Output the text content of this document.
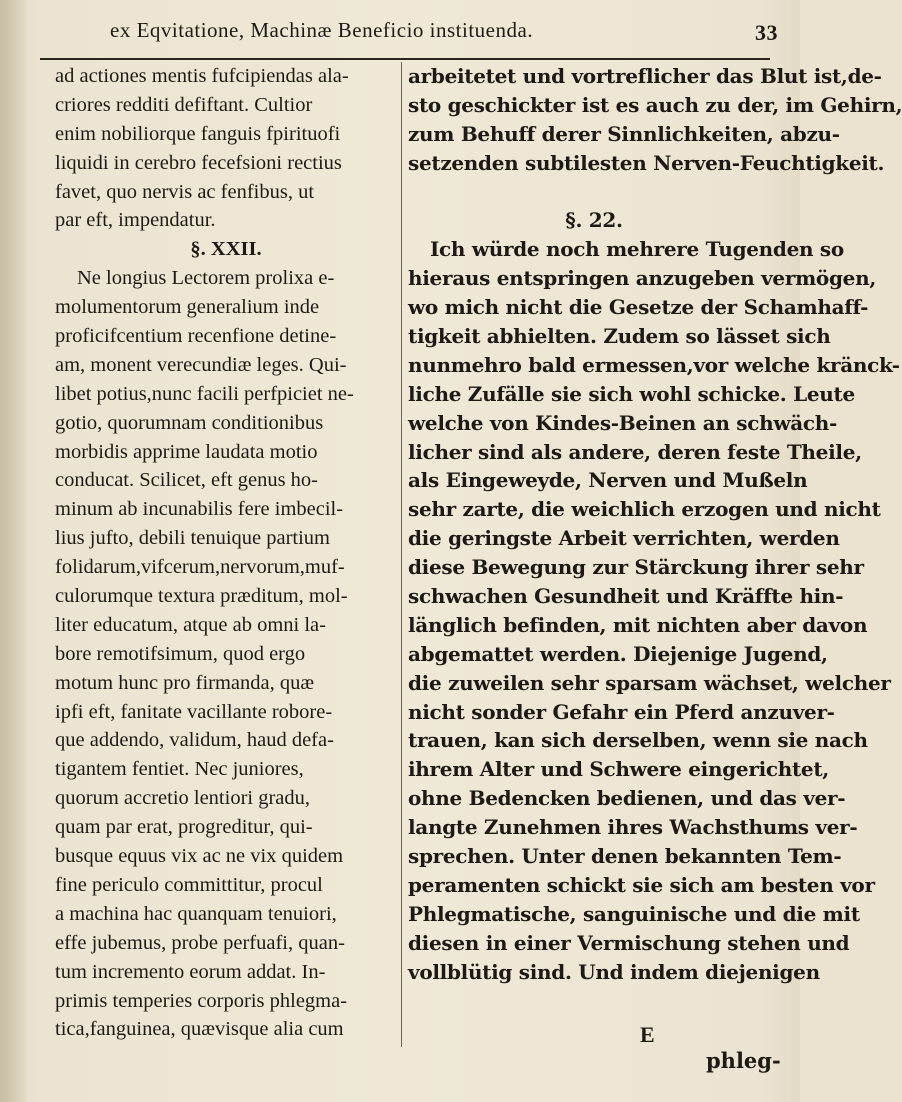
ex Eqvitatione, Machinæ Beneficio instituenda.	33
ad actiones mentis fufcipiendas ala-
criores redditi defiftant. Cultior
enim nobiliorque fanguis fpirituofi
liquidi in cerebro fecefsioni rectius
favet, quo nervis ac fenfibus, ut
par eft, impendatur.
§. XXII.
Ne longius Lectorem prolixa e-
molumentorum generalium inde
proficifcentium recenfione detine-
am, monent verecundiæ leges. Qui-
libet potius,nunc facili perfpiciet ne-
gotio, quorumnam conditionibus
morbidis apprime laudata motio
conducat. Scilicet, eft genus ho-
minum ab incunabilis fere imbecil-
lius jufto, debili tenuique partium
folidarum,vifcerum,nervorum,muf-
culorumque textura præditum, mol-
liter educatum, atque ab omni la-
bore remotifsimum, quod ergo
motum hunc pro firmanda, quæ
ipfi eft, fanitate vacillante robore-
que addendo, validum, haud defa-
tigantem fentiet. Nec juniores,
quorum accretio lentiori gradu,
quam par erat, progreditur, qui-
busque equus vix ac ne vix quidem
fine periculo committitur, procul
a machina hac quanquam tenuiori,
effe jubemus, probe perfuafi, quan-
tum incremento eorum addat. In-
primis temperies corporis phlegma-
tica,fanguinea, quævisque alia cum
arbeitetet und vortreflicher das Blut ist,de-
sto geschickter ist es auch zu der, im Gehirn,
zum Behuff derer Sinnlichkeiten, abzu-
setzenden subtilesten Nerven-Feuchtigkeit.
§. 22.
Ich würde noch mehrere Tugenden so
hieraus entspringen anzugeben vermögen,
wo mich nicht die Gesetze der Schamhaff-
tigkeit abhielten. Zudem so lässet sich
nunmehro bald ermessen,vor welche kränck-
liche Zufälle sie sich wohl schicke. Leute
welche von Kindes-Beinen an schwäch-
licher sind als andere, deren feste Theile,
als Eingeweyde, Nerven und Mußeln
sehr zarte, die weichlich erzogen und nicht
die geringste Arbeit verrichten, werden
diese Bewegung zur Stärckung ihrer sehr
schwachen Gesundheit und Kräffte hin-
länglich befinden, mit nichten aber davon
abgemattet werden. Diejenige Jugend,
die zuweilen sehr sparsam wächset, welcher
nicht sonder Gefahr ein Pferd anzuver-
trauen, kan sich derselben, wenn sie nach
ihrem Alter und Schwere eingerichtet,
ohne Bedencken bedienen, und das ver-
langte Zunehmen ihres Wachsthums ver-
sprechen. Unter denen bekannten Tem-
peramenten schickt sie sich am besten vor
Phlegmatische, sanguinische und die mit
diesen in einer Vermischung stehen und
vollblütig sind. Und indem diejenigen
E
phleg-
